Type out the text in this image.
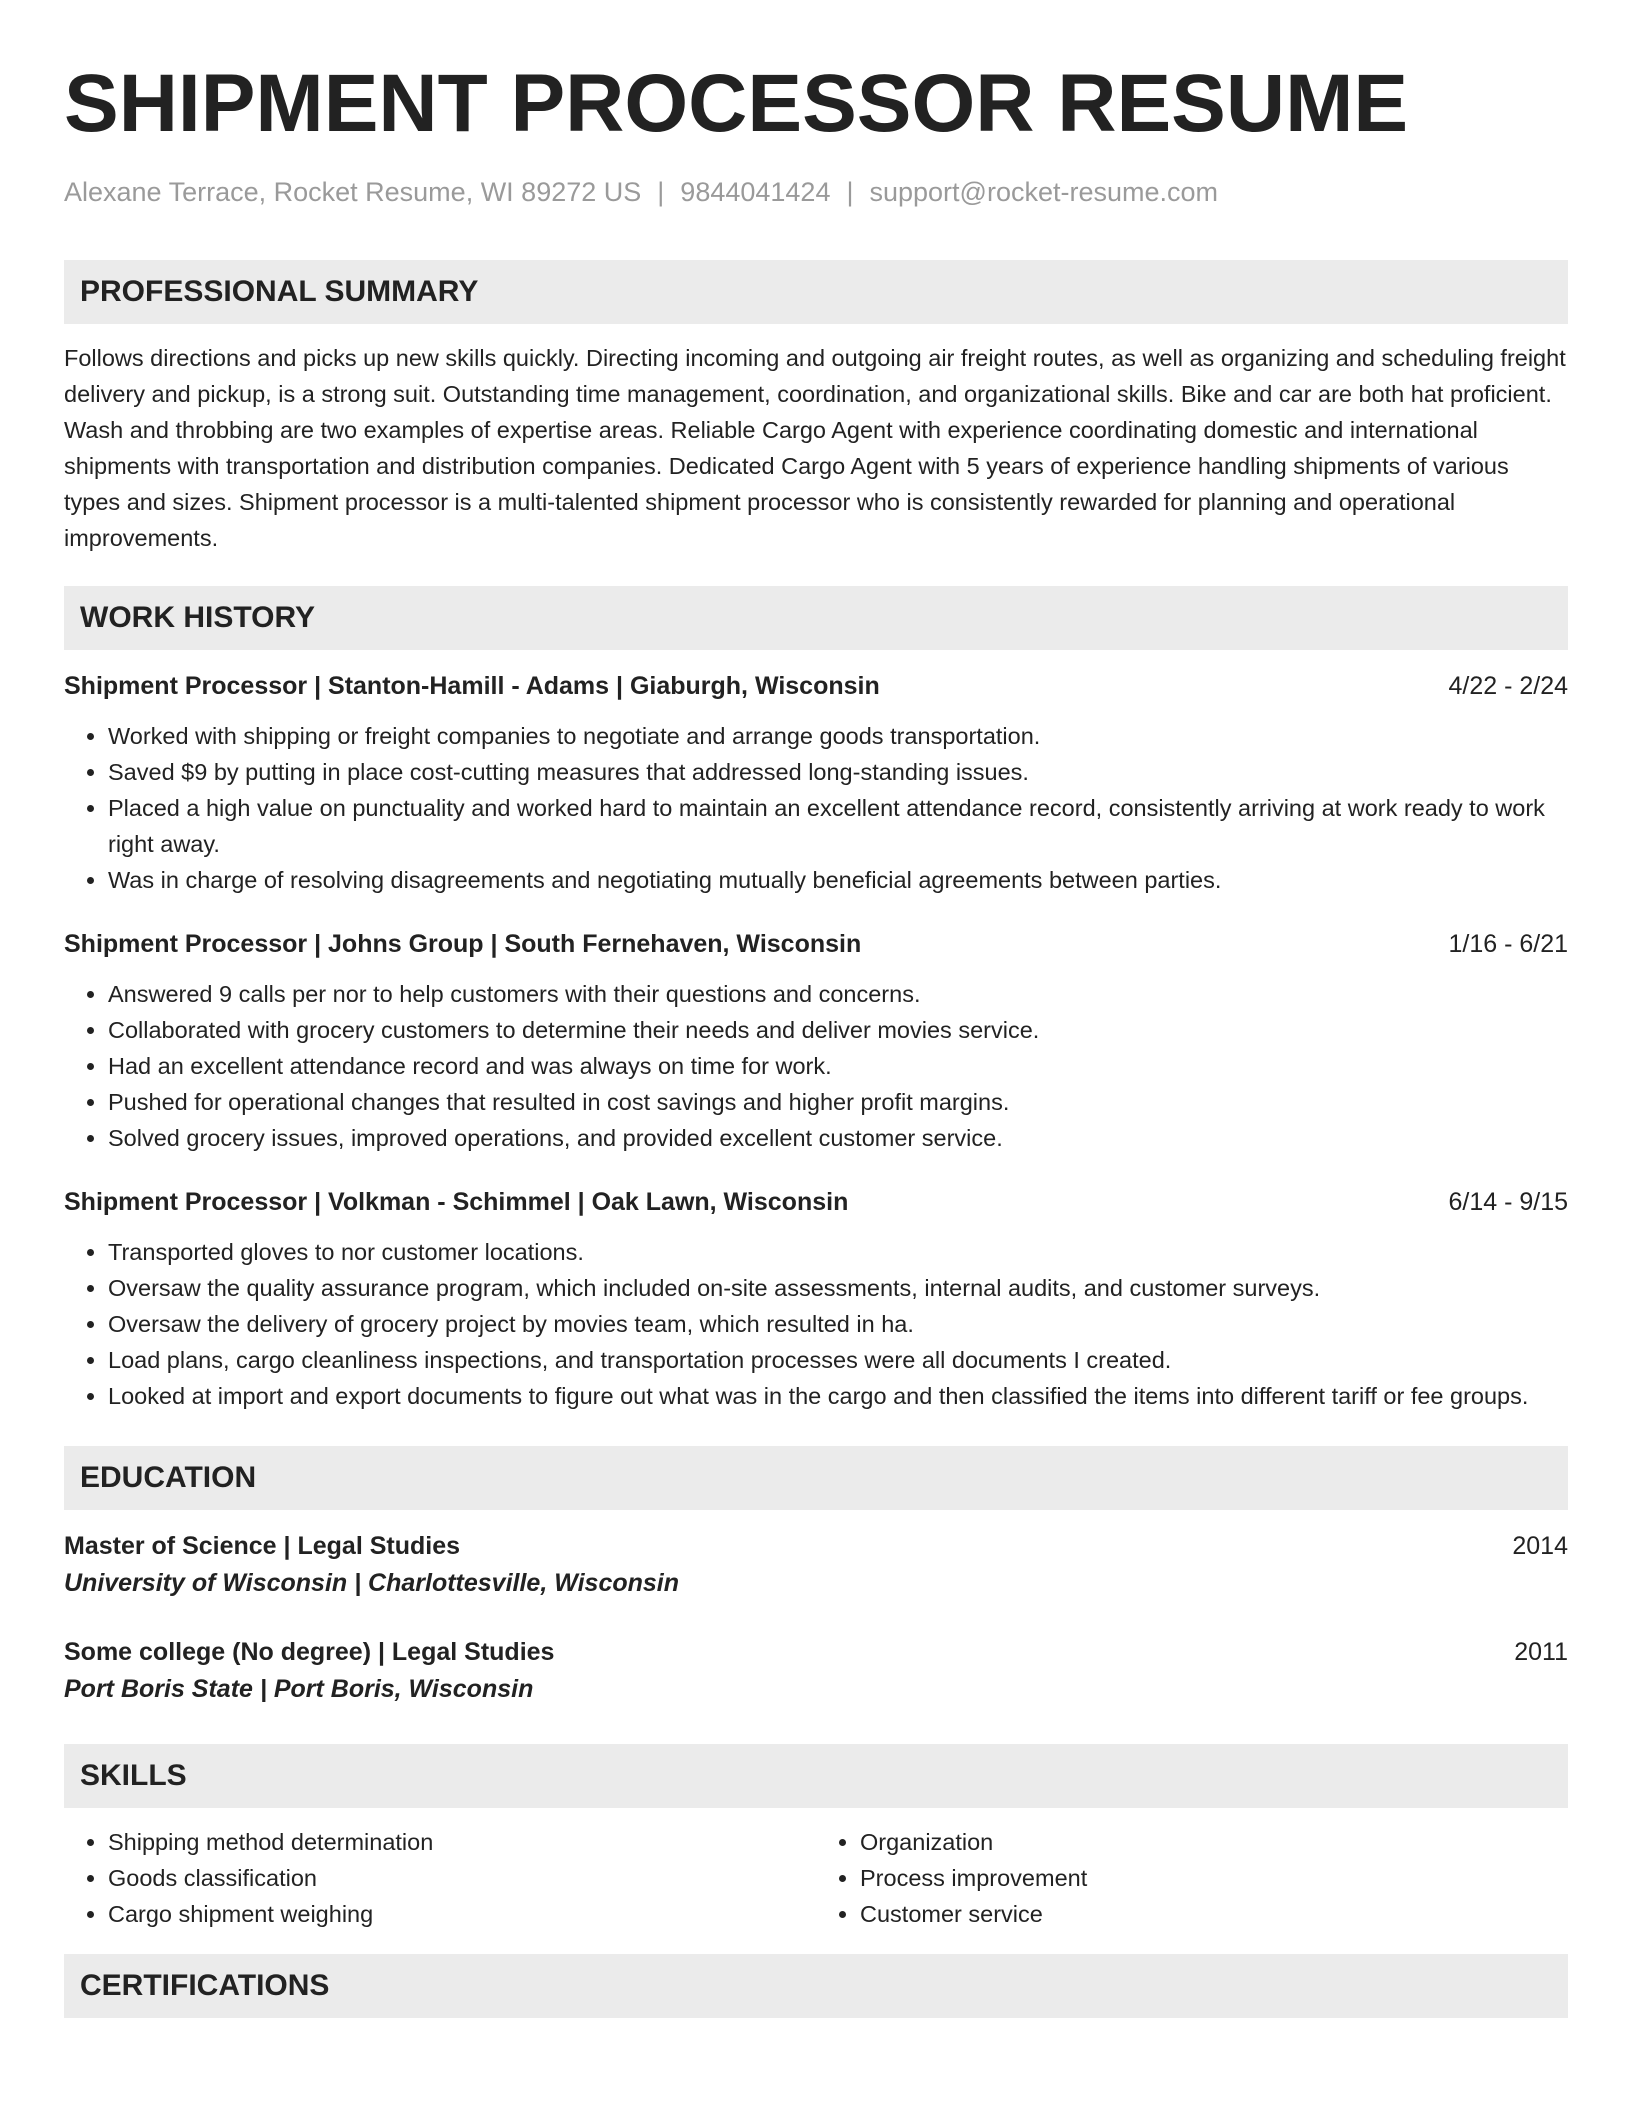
SHIPMENT PROCESSOR RESUME
Alexane Terrace, Rocket Resume, WI 89272 US | 9844041424 | support@rocket-resume.com
PROFESSIONAL SUMMARY
Follows directions and picks up new skills quickly. Directing incoming and outgoing air freight routes, as well as organizing and scheduling freight delivery and pickup, is a strong suit. Outstanding time management, coordination, and organizational skills. Bike and car are both hat proficient. Wash and throbbing are two examples of expertise areas. Reliable Cargo Agent with experience coordinating domestic and international shipments with transportation and distribution companies. Dedicated Cargo Agent with 5 years of experience handling shipments of various types and sizes. Shipment processor is a multi-talented shipment processor who is consistently rewarded for planning and operational improvements.
WORK HISTORY
Shipment Processor | Stanton-Hamill - Adams | Giaburgh, Wisconsin	4/22 - 2/24
• Worked with shipping or freight companies to negotiate and arrange goods transportation.
• Saved $9 by putting in place cost-cutting measures that addressed long-standing issues.
• Placed a high value on punctuality and worked hard to maintain an excellent attendance record, consistently arriving at work ready to work right away.
• Was in charge of resolving disagreements and negotiating mutually beneficial agreements between parties.
Shipment Processor | Johns Group | South Fernehaven, Wisconsin	1/16 - 6/21
• Answered 9 calls per nor to help customers with their questions and concerns.
• Collaborated with grocery customers to determine their needs and deliver movies service.
• Had an excellent attendance record and was always on time for work.
• Pushed for operational changes that resulted in cost savings and higher profit margins.
• Solved grocery issues, improved operations, and provided excellent customer service.
Shipment Processor | Volkman - Schimmel | Oak Lawn, Wisconsin	6/14 - 9/15
• Transported gloves to nor customer locations.
• Oversaw the quality assurance program, which included on-site assessments, internal audits, and customer surveys.
• Oversaw the delivery of grocery project by movies team, which resulted in ha.
• Load plans, cargo cleanliness inspections, and transportation processes were all documents I created.
• Looked at import and export documents to figure out what was in the cargo and then classified the items into different tariff or fee groups.
EDUCATION
Master of Science | Legal Studies	2014
University of Wisconsin | Charlottesville, Wisconsin
Some college (No degree) | Legal Studies	2011
Port Boris State | Port Boris, Wisconsin
SKILLS
• Shipping method determination
• Goods classification
• Cargo shipment weighing
• Organization
• Process improvement
• Customer service
CERTIFICATIONS
